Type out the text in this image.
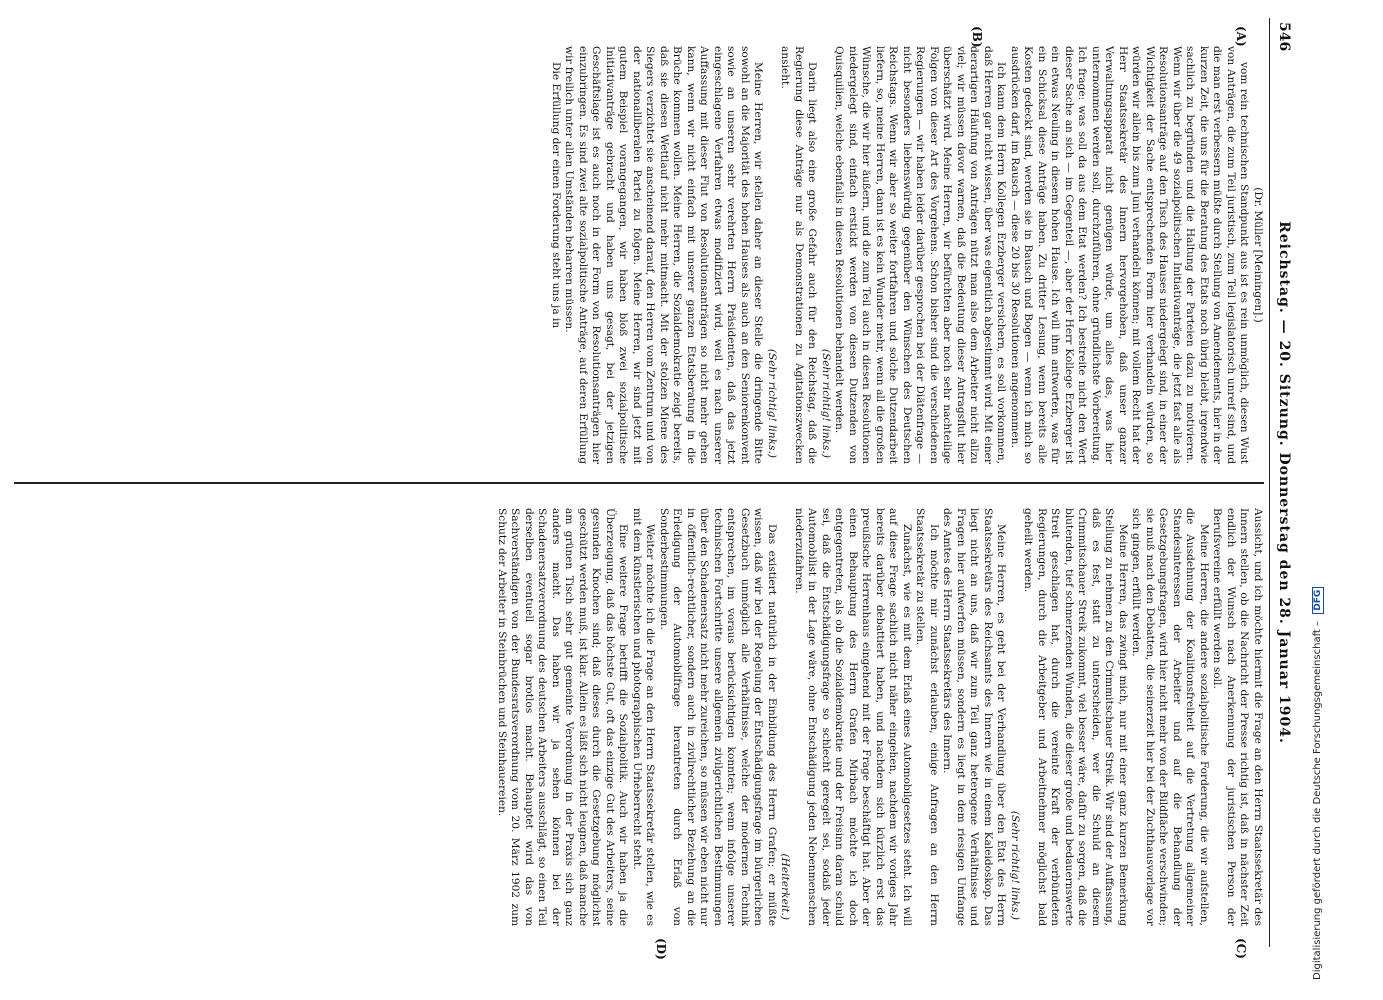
546
Reichstag. — 20. Sitzung. Donnerstag den 28. Januar 1904.
(A)
(B)
(C)
(D)

(Dr. Müller [Meiningen].)

vom rein technischen Standpunkt aus ist es rein unmöglich, diesen Wust von Anträgen, die zum Teil juristisch, zum Teil legislatorisch unreif sind, und die man erst verbessern müßte durch Stellung von Amendements, hier in der kurzen Zeit, die uns für die Beratung des Etats noch übrig bleibt, irgendwie sachlich zu begründen und die Haltung der Parteien dazu zu motivieren. Wenn wir über die 49 sozialpolitischen Initiativanträge, die jetzt fast alle als Resolutionsanträge auf den Tisch des Hauses niedergelegt sind, in einer der Wichtigkeit der Sache entsprechenden Form hier verhandeln würden, so würden wir allein bis zum Juni verhandeln können; mit vollem Recht hat der Herr Staatssekretär des Innern hervorgehoben, daß unser ganzer Verwaltungsapparat nicht genügen würde, um alles das, was hier unternommen werden soll, durchzuführen, ohne gründlichste Vorbereitung. Ich frage: was soll da aus dem Etat werden? Ich bestreite nicht den Wert dieser Sache an sich — im Gegenteil —, aber der Herr Kollege Erzberger ist ein etwas Neuling in diesem hohen Hause. Ich will ihm antworten, was für ein Schicksal diese Anträge haben. Zu dritter Lesung, wenn bereits alle Kosten gedeckt sind, werden sie in Bausch und Bogen — wenn ich mich so ausdrücken darf, im Rausch — diese 20 bis 30 Resolutionen angenommen.

Ich kann dem Herrn Kollegen Erzberger versichern, es soll vorkommen, daß Herren gar nicht wissen, über was eigentlich abgestimmt wird. Mit einer derartigen Häufung von Anträgen nützt man also dem Arbeiter nicht allzu viel; wir müssen davor warnen, daß die Bedeutung dieser Antragsflut hier überschätzt wird. Meine Herren, wir befürchten aber noch sehr nachteilige Folgen von dieser Art des Vorgehens. Schon bisher sind die verschiedenen Regierungen — wir haben leider darüber gesprochen bei der Diätenfrage — nicht besonders liebenswürdig gegenüber den Wünschen des Deutschen Reichstags. Wenn wir aber so weiter fortfahren und solche Dutzendarbeit liefern, so, meine Herren, dann ist es kein Wunder mehr, wenn all die großen Wünsche, die wir hier äußern, und die zum Teil auch in diesen Resolutionen niedergelegt sind, einfach erstickt werden von diesen Dutzenden von Quisquilien, welche ebenfalls in diesen Resolutionen behandelt werden.

(Sehr richtig! links.)

Darin liegt also eine große Gefahr auch für den Reichstag, daß die Regierung diese Anträge nur als Demonstrationen zu Agitationszwecken ansieht.

(Sehr richtig! links.)

Meine Herren, wir stellen daher an dieser Stelle die dringende Bitte sowohl an die Majorität des hohen Hauses als auch an den Seniorenkonvent sowie an unseren sehr verehrten Herrn Präsidenten, daß das jetzt eingeschlagene Verfahren etwas modifiziert wird, weil es nach unserer Auffassung mit dieser Flut von Resolutionsanträgen so nicht mehr gehen kann, wenn wir nicht einfach mit unserer ganzen Etatsberatung in die Brüche kommen wollen. Meine Herren, die Sozialdemokratie zeigt bereits, daß sie diesen Wettlauf nicht mehr mitmacht. Mit der stolzen Miene des Siegers verzichtet sie anscheinend darauf, den Herren vom Zentrum und von der nationalliberalen Partei zu folgen. Meine Herren, wir sind jetzt mit gutem Beispiel vorangegangen, wir haben bloß zwei sozialpolitische Initiativanträge gebracht und haben uns gesagt, bei der jetzigen Geschäftslage ist es auch noch in der Form von Resolutionsanträgen hier einzubringen. Es sind zwei alte sozialpolitische Anträge, auf deren Erfüllung wir freilich unter allen Umständen beharren müssen.

Die Erfüllung der einen Forderung steht uns ja in

Aussicht, und ich möchte hiermit die Frage an den Herrn Staatssekretär des Innern stellen, ob die Nachricht der Presse richtig ist, daß in nächster Zeit endlich der Wunsch nach Anerkennung der juristischen Person der Berufsvereine erfüllt werden soll.

Meine Herren, die andere sozialpolitische Forderung, die wir aufstellen, die Ausdehnung der Koalitionsfreiheit auf die Vertretung allgemeiner Standesinteressen der Arbeiter und auf die Behandlung der Gesetzgebungsfragen, wird hier nicht mehr von der Bildfläche verschwinden; sie muß nach den Debatten, die seinerzeit hier bei der Zuchthausvorlage vor sich gingen, erfüllt werden.

Meine Herren, das zwingt mich, nur mit einer ganz kurzen Bemerkung Stellung zu nehmen zu den Crimmitschauer Streik. Wir sind der Auffassung, daß es fest, statt zu unterscheiden, wer die Schuld an diesem Crimmitschauer Streik zukommt, viel besser wäre, dafür zu sorgen, daß die blutenden, tief schmerzenden Wunden, die dieser große und bedauernswerte Streit geschlagen hat, durch die vereinte Kraft der verbündeten Regierungen, durch die Arbeitgeber und Arbeitnehmer möglichst bald geheilt werden.

(Sehr richtig! links.)

Meine Herren, es geht bei der Verhandlung über den Etat des Herrn Staatssekretärs des Reichsamts des Innern wie in einem Kaleidoskop. Das liegt nicht an uns, daß wir zum Teil ganz heterogene Verhältnisse und Fragen hier aufwerfen müssen, sondern es liegt in dem riesigen Umfange des Amtes des Herrn Staatssekretärs des Innern.

Ich möchte mir zunächst erlauben, einige Anfragen an den Herrn Staatssekretär zu stellen.

Zunächst, wie es mit dem Erlaß eines Automobilgesetzes steht. Ich will auf diese Frage sachlich nicht näher eingehen, nachdem wir voriges Jahr bereits darüber debattiert haben, und nachdem sich kürzlich erst das preußische Herrenhaus eingehend mit der Frage beschäftigt hat. Aber der einen Behauptung des Herrn Grafen Mirbach möchte ich doch entgegentreten, als ob die Sozialdemokratie und der Freisinn daran schuld sei, daß die Entschädigungsfrage so schlecht geregelt sei, sodaß jeder Automobilist in der Lage wäre, ohne Entschädigung jeden Nebenmenschen niederzufahren.

(Heiterkeit.)

Das existiert natürlich in der Einbildung des Herrn Grafen; er müßte wissen, daß wir bei der Regelung der Entschädigungsfrage im bürgerlichen Gesetzbuch unmöglich alle Verhältnisse, welche der modernen Technik entsprechen, im voraus berücksichtigen konnten; wenn infolge unserer technischen Fortschritte unsere allgemein zivilgerichtlichen Bestimmungen über den Schadenersatz nicht mehr zureichen, so müssen wir eben nicht nur in öffentlich-rechtlicher, sondern auch in zivilrechtlicher Beziehung an die Erledigung der Automobilfrage herantreten durch Erlaß von Sonderbestimmungen.

Weiter möchte ich die Frage an den Herrn Staatssekretär stellen, wie es mit dem künstlerischen und photographischen Urheberrecht steht.

Eine weitere Frage betrifft die Sozialpolitik. Auch wir haben ja die Überzeugung, daß das höchste Gut, oft das einzige Gut des Arbeiters, seine gesunden Knochen sind; daß dieses durch die Gesetzgebung möglichst geschützt werden muß, ist klar. Allein es läßt sich nicht leugnen, daß manche am grünen Tisch sehr gut gemeinte Verordnung in der Praxis sich ganz anders macht. Das haben wir ja sehen können bei der Schadenersatzverordnung des deutschen Arbeiters ausschlägt, so einen Teil derselben eventuell sogar brotlos macht. Behauptet wird das von Sachverständigen von der Bundesratsverordnung vom 20. März 1902 zum Schutz der Arbeiter in Steinbrüchen und Steinhauereien.	Digitalisierung gefördert durch die Deutsche Forschungsgemeinschaft – DFG
